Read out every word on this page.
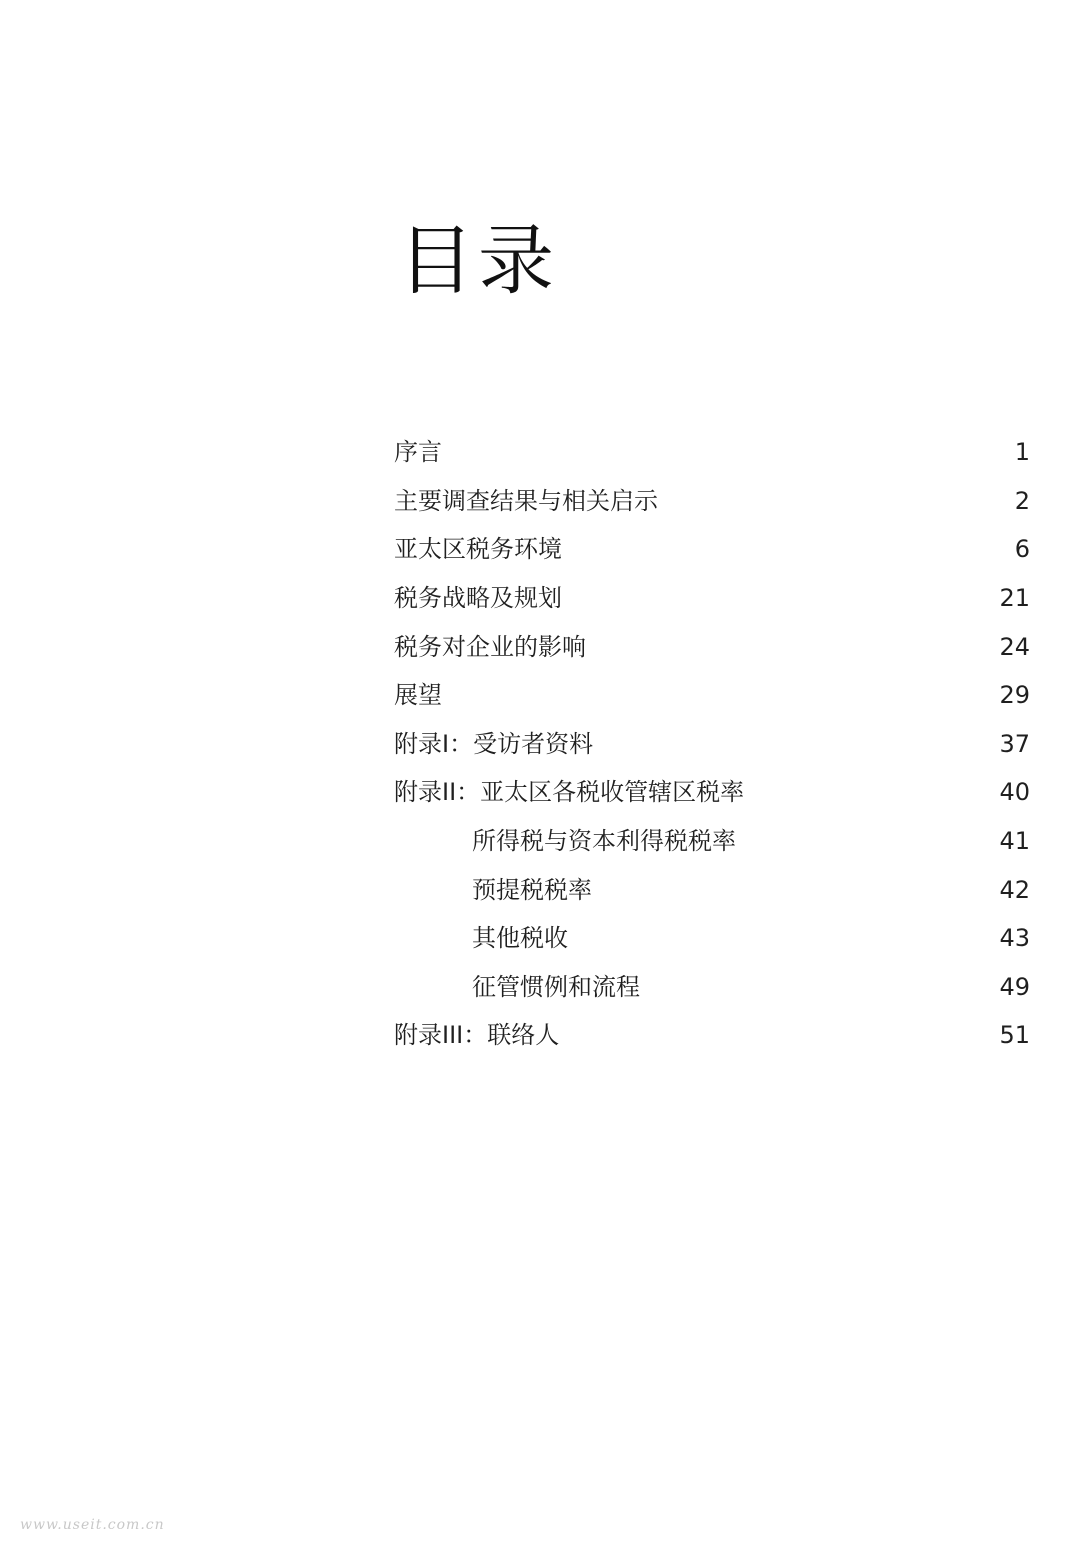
目录
序言	1
主要调查结果与相关启示	2
亚太区税务环境	6
税务战略及规划	21
税务对企业的影响	24
展望	29
附录I：受访者资料	37
附录II：亚太区各税收管辖区税率	40
所得税与资本利得税税率	41
预提税税率	42
其他税收	43
征管惯例和流程	49
附录III：联络人	51
www.useit.com.cn
